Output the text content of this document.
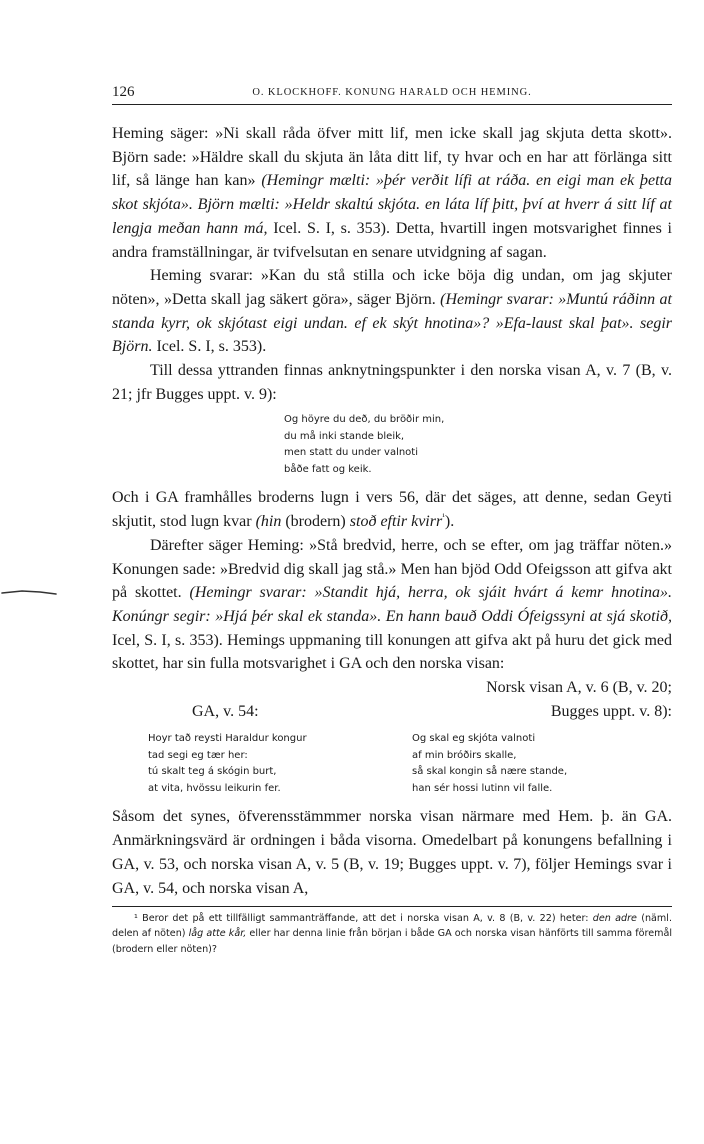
126	O. KLOCKHOFF. KONUNG HARALD OCH HEMING.

Heming säger: »Ni skall råda öfver mitt lif, men icke skall jag skjuta detta skott». Björn sade: »Häldre skall du skjuta än låta ditt lif, ty hvar och en har att förlänga sitt lif, så länge han kan» (Hemingr mælti: »þér verðit lífi at ráða. en eigi man ek þetta skot skjóta». Björn mælti: »Heldr skaltú skjóta. en láta líf þitt, því at hverr á sitt líf at lengja meðan hann má, Icel. S. I, s. 353). Detta, hvartill ingen motsvarighet finnes i andra framställningar, är tvifvelsutan en senare utvidgning af sagan.

Heming svarar: »Kan du stå stilla och icke böja dig undan, om jag skjuter nöten», »Detta skall jag säkert göra», säger Björn. (Hemingr svarar: »Muntú ráðinn at standa kyrr, ok skjótast eigi undan. ef ek skýt hnotina»? »Efa-laust skal þat». segir Björn. Icel. S. I, s. 353).

Till dessa yttranden finnas anknytningspunkter i den norska visan A, v. 7 (B, v. 21; jfr Bugges uppt. v. 9):

Og höyre du deð, du bröðir min,
du må inki stande bleik,
men statt du under valnoti
båðe fatt og keik.

Och i GA framhålles broderns lugn i vers 56, där det säges, att denne, sedan Geyti skjutit, stod lugn kvar (hin (brodern) stoð eftir kvirr$^{^1}$).

Därefter säger Heming: »Stå bredvid, herre, och se efter, om jag träffar nöten.» Konungen sade: »Bredvid dig skall jag stå.» Men han bjöd Odd Ofeigsson att gifva akt på skottet. (Hemingr svarar: »Standit hjá, herra, ok sjáit hvárt á kemr hnotina». Konúngr segir: »Hjá þér skal ek standa». En hann bauð Oddi Ófeigssyni at sjá skotið, Icel, S. I, s. 353). Hemings uppmaning till konungen att gifva akt på huru det gick med skottet, har sin fulla motsvarighet i GA och den norska visan:

GA, v. 54:

Hoyr tað reysti Haraldur kongur
tad segi eg tær her:
tú skalt teg á skógin burt,
at vita, hvössu leikurin fer.

Norsk visan A, v. 6 (B, v. 20;

Bugges uppt. v. 8):

Og skal eg skjóta valnoti
af min bróðirs skalle,
så skal kongin så nære stande,
han sér hossi lutinn vil falle.

Såsom det synes, öfverensstämmmer norska visan närmare med Hem. þ. än GA. Anmärkningsvärd är ordningen i båda visorna. Omedelbart på konungens befallning i GA, v. 53, och norska visan A, v. 5 (B, v. 19; Bugges uppt. v. 7), följer Hemings svar i GA, v. 54, och norska visan A,

¹ Beror det på ett tillfälligt sammanträffande, att det i norska visan A, v. 8 (B, v. 22) heter: den adre (näml. delen af nöten) låg atte kår, eller har denna linie från början i både GA och norska visan hänförts till samma föremål (brodern eller nöten)?
